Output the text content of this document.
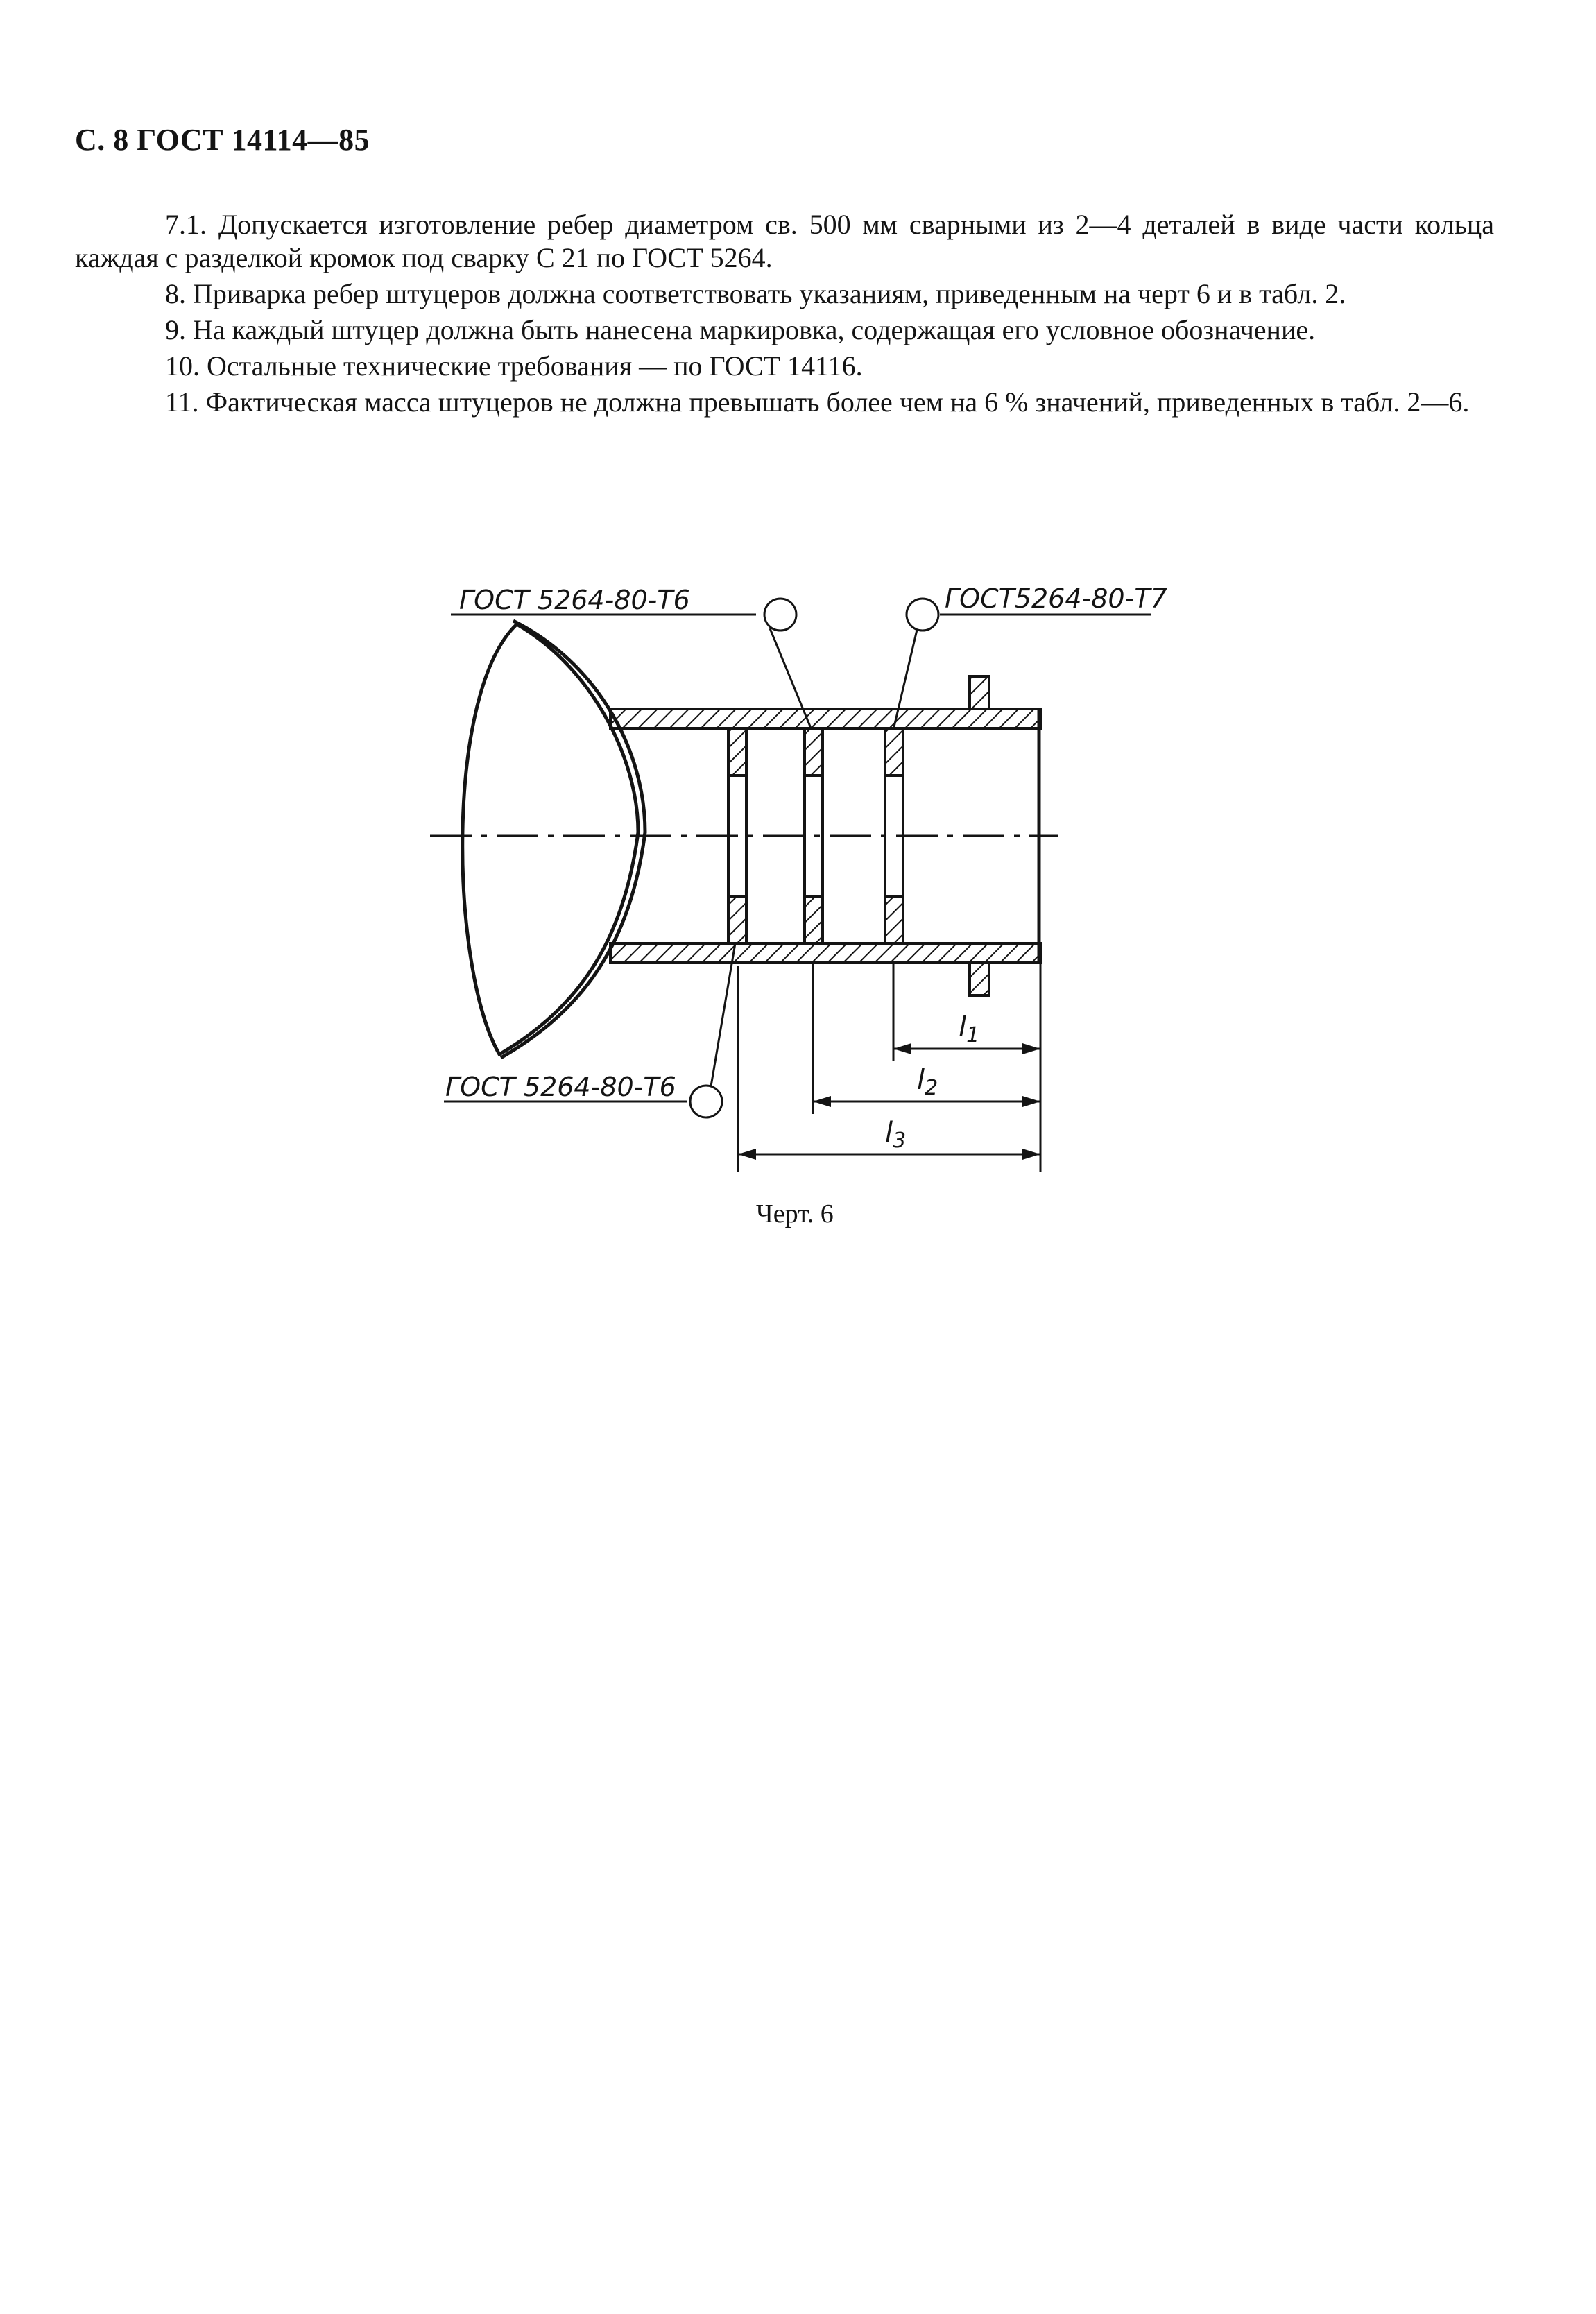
С. 8 ГОСТ 14114—85

7.1. Допускается изготовление ребер диаметром св. 500 мм сварными из 2—4 деталей в виде части кольца каждая с разделкой кромок под сварку С 21 по ГОСТ 5264.

8. Приварка ребер штуцеров должна соответствовать указаниям, приведенным на черт 6 и в табл. 2.

9. На каждый штуцер должна быть нанесена маркировка, содержащая его условное обозначение.

10. Остальные технические требования — по ГОСТ 14116.

11. Фактическая масса штуцеров не должна превышать более чем на 6 % значений, приведенных в табл. 2—6.

ГОСТ 5264-80-Т6	ГОСТ5264-80-Т7
ГОСТ 5264-80-Т6
$l_1$
$l_2$
$l_3$
Черт. 6
